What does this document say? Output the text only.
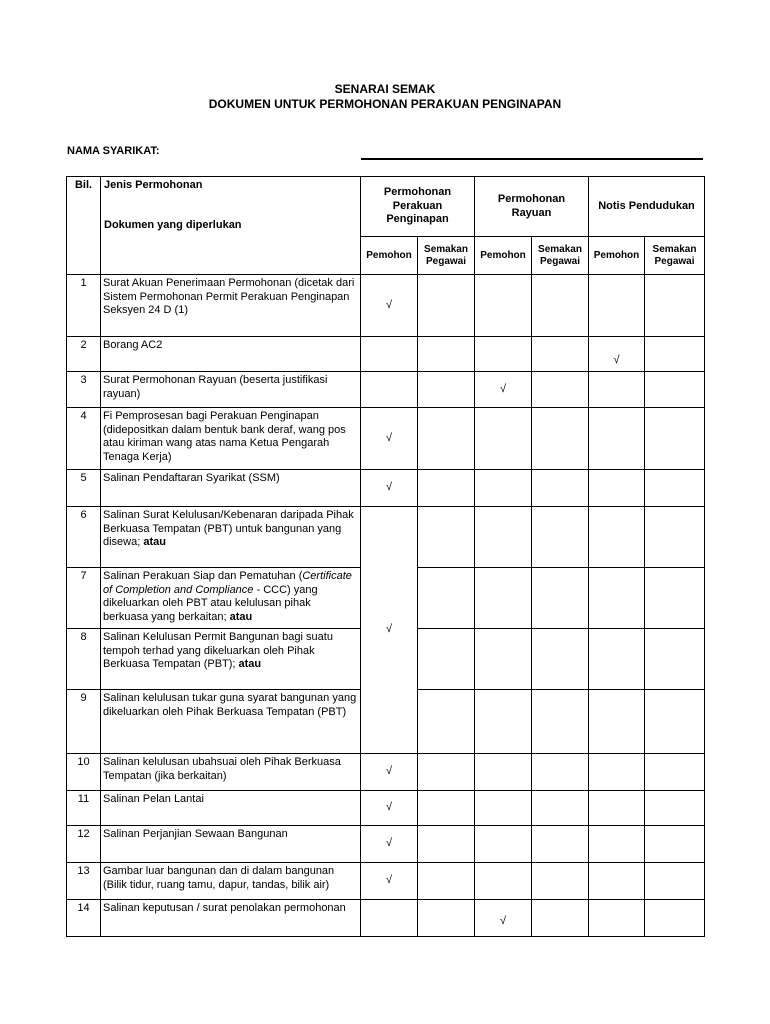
SENARAI SEMAK
DOKUMEN UNTUK PERMOHONAN PERAKUAN PENGINAPAN
NAMA SYARIKAT:
Bil.	Jenis Permohonan
Dokumen yang diperlukan	Permohonan Perakuan Penginapan		Permohonan Rayuan		Notis Pendudukan	
		Pemohon	Semakan Pegawai	Pemohon	Semakan Pegawai	Pemohon	Semakan Pegawai
1	Surat Akuan Penerimaan Permohonan (dicetak dari Sistem Permohonan Permit Perakuan Penginapan Seksyen 24 D (1)	√					
2	Borang AC2					√	
3	Surat Permohonan Rayuan (beserta justifikasi rayuan)			√			
4	Fi Pemprosesan bagi Perakuan Penginapan (didepositkan dalam bentuk bank deraf, wang pos atau kiriman wang atas nama Ketua Pengarah Tenaga Kerja)	√					
5	Salinan Pendaftaran Syarikat (SSM)	√					
6	Salinan Surat Kelulusan/Kebenaran daripada Pihak Berkuasa Tempatan (PBT) untuk bangunan yang disewa; atau	√					
7	Salinan Perakuan Siap dan Pematuhan (Certificate of Completion and Compliance - CCC) yang dikeluarkan oleh PBT atau kelulusan pihak berkuasa yang berkaitan; atau						
8	Salinan Kelulusan Permit Bangunan bagi suatu tempoh terhad yang dikeluarkan oleh Pihak Berkuasa Tempatan (PBT); atau						
9	Salinan kelulusan tukar guna syarat bangunan yang dikeluarkan oleh Pihak Berkuasa Tempatan (PBT)						
10	Salinan kelulusan ubahsuai oleh Pihak Berkuasa Tempatan (jika berkaitan)	√					
11	Salinan Pelan Lantai	√					
12	Salinan Perjanjian Sewaan Bangunan	√					
13	Gambar luar bangunan dan di dalam bangunan (Bilik tidur, ruang tamu, dapur, tandas, bilik air)	√					
14	Salinan keputusan / surat penolakan permohonan			√			
